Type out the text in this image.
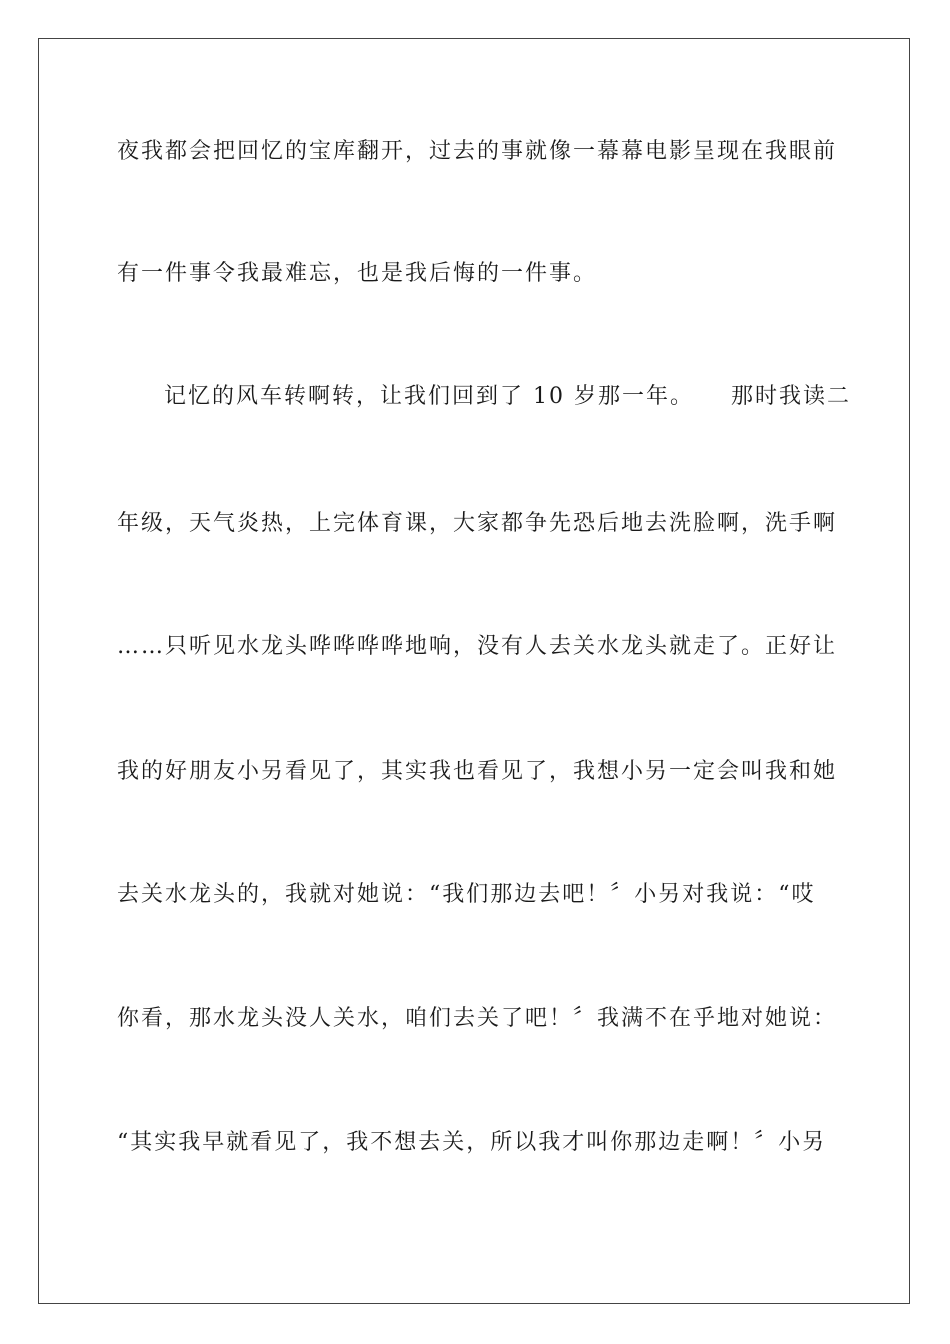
夜我都会把回忆的宝库翻开，过去的事就像一幕幕电影呈现在我眼前
有一件事令我最难忘，也是我后悔的一件事。
记忆的风车转啊转，让我们回到了 10 岁那一年。　　那时我读二
年级，天气炎热，上完体育课，大家都争先恐后地去洗脸啊，洗手啊
……只听见水龙头哗哗哗哗地响，没有人去关水龙头就走了。正好让
我的好朋友小另看见了，其实我也看见了，我想小另一定会叫我和她
去关水龙头的，我就对她说：“我们那边去吧！〞小另对我说：“哎
你看，那水龙头没人关水，咱们去关了吧！〞我满不在乎地对她说：
“其实我早就看见了，我不想去关，所以我才叫你那边走啊！〞小另
